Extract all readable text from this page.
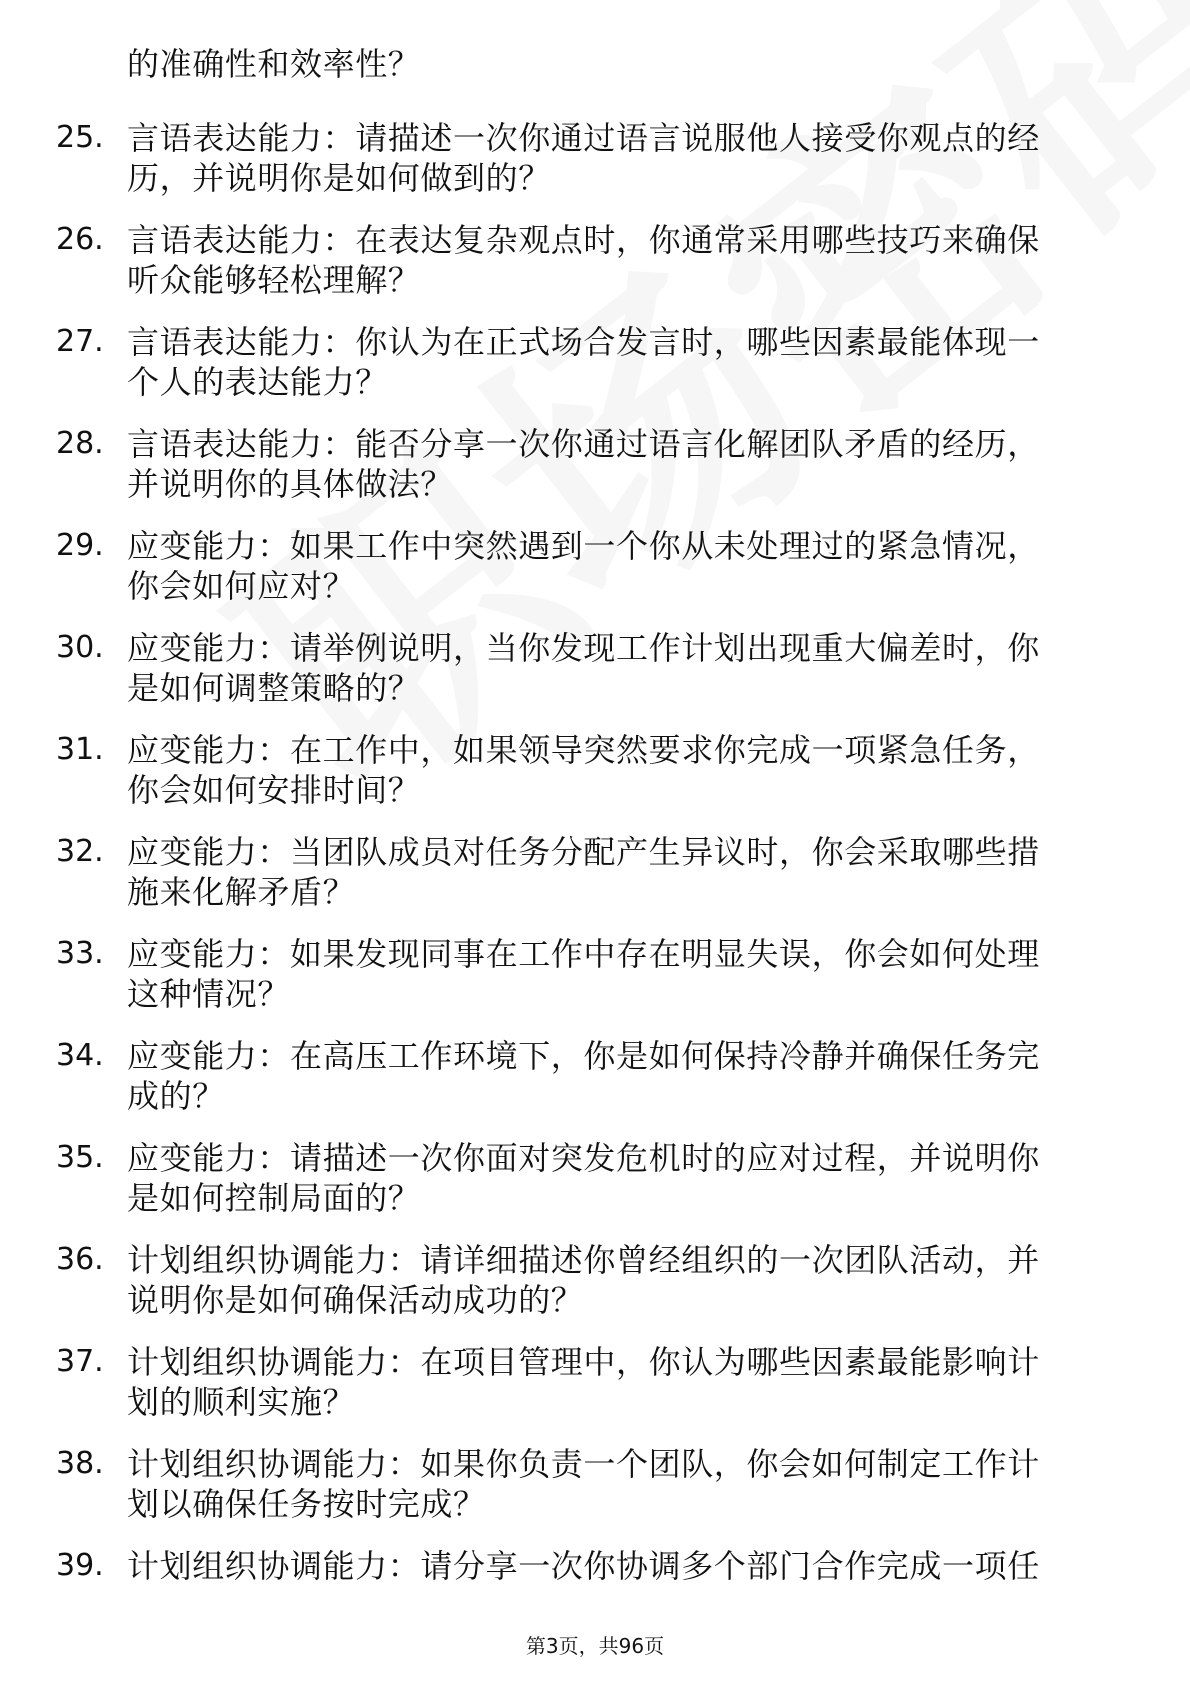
的准确性和效率性？
25. 言语表达能力：请描述一次你通过语言说服他人接受你观点的经
历，并说明你是如何做到的？
26. 言语表达能力：在表达复杂观点时，你通常采用哪些技巧来确保
听众能够轻松理解？
27. 言语表达能力：你认为在正式场合发言时，哪些因素最能体现一
个人的表达能力？
28. 言语表达能力：能否分享一次你通过语言化解团队矛盾的经历，
并说明你的具体做法？
29. 应变能力：如果工作中突然遇到一个你从未处理过的紧急情况，
你会如何应对？
30. 应变能力：请举例说明，当你发现工作计划出现重大偏差时，你
是如何调整策略的？
31. 应变能力：在工作中，如果领导突然要求你完成一项紧急任务，
你会如何安排时间？
32. 应变能力：当团队成员对任务分配产生异议时，你会采取哪些措
施来化解矛盾？
33. 应变能力：如果发现同事在工作中存在明显失误，你会如何处理
这种情况？
34. 应变能力：在高压工作环境下，你是如何保持冷静并确保任务完
成的？
35. 应变能力：请描述一次你面对突发危机时的应对过程，并说明你
是如何控制局面的？
36. 计划组织协调能力：请详细描述你曾经组织的一次团队活动，并
说明你是如何确保活动成功的？
37. 计划组织协调能力：在项目管理中，你认为哪些因素最能影响计
划的顺利实施？
38. 计划组织协调能力：如果你负责一个团队，你会如何制定工作计
划以确保任务按时完成？
39. 计划组织协调能力：请分享一次你协调多个部门合作完成一项任
第3页，共96页
